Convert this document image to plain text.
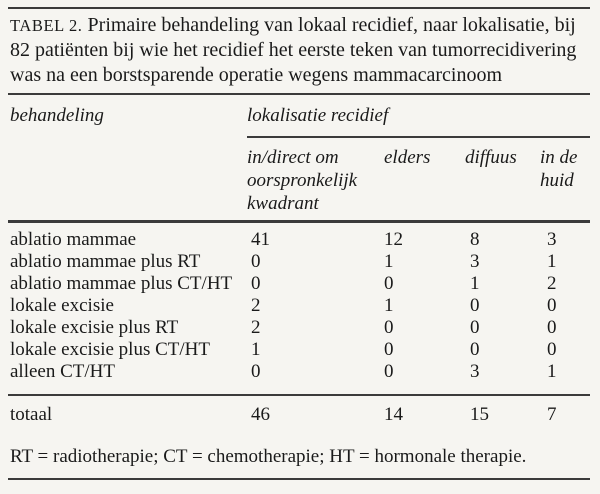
TABEL 2. Primaire behandeling van lokaal recidief, naar lokalisatie, bij
82 patiënten bij wie het recidief het eerste teken van tumorrecidivering
was na een borstsparende operatie wegens mammacarcinoom
behandeling	lokalisatie recidief
in/direct om oorspronkelijk kwadrant
elders	diffuus	in de huid
ablatio mammae	41	12	8	3
ablatio mammae plus RT	0	1	3	1
ablatio mammae plus CT/HT 0	0	1	2
lokale excisie	2	1	0	0
lokale excisie plus RT	2	0	0	0
lokale excisie plus CT/HT	1	0	0	0
alleen CT/HT	0	0	3	1
totaal	46	14	15	7
RT = radiotherapie; CT = chemotherapie; HT = hormonale therapie.
